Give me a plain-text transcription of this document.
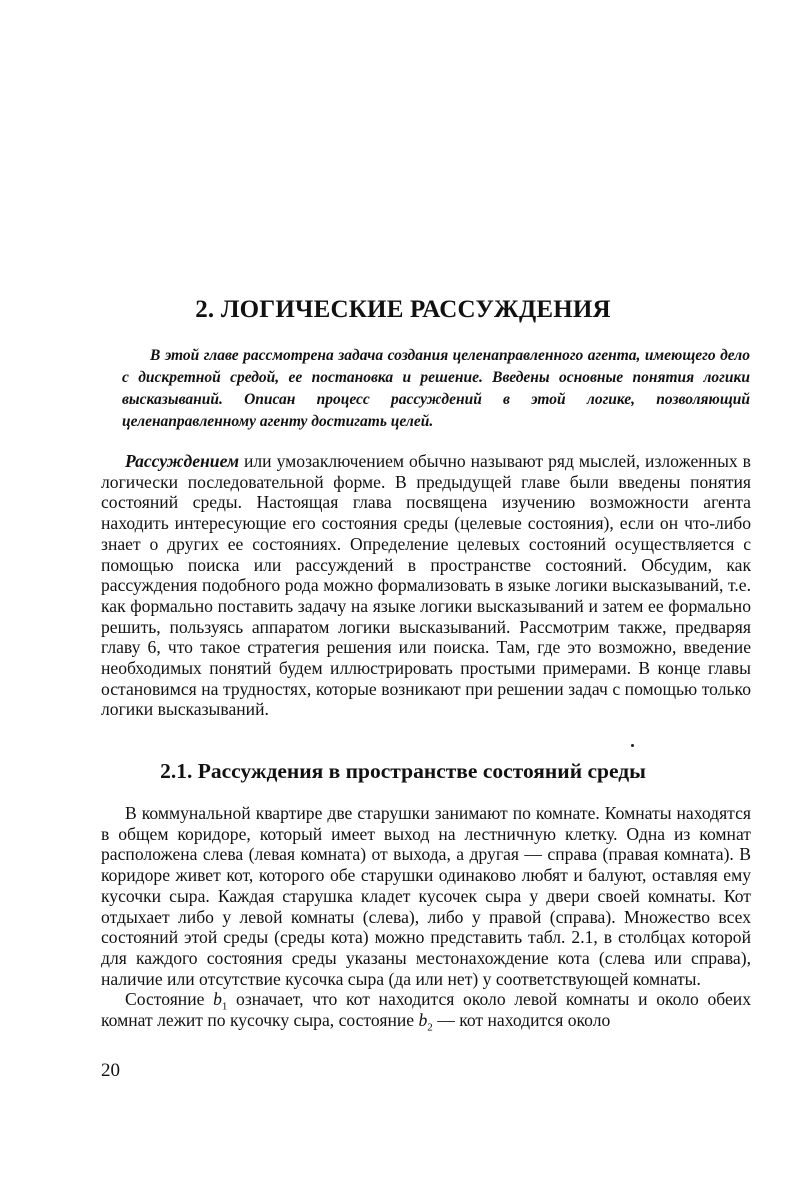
2. ЛОГИЧЕСКИЕ РАССУЖДЕНИЯ

В этой главе рассмотрена задача создания целенаправленного агента, имеющего дело с дискретной средой, ее постановка и решение. Введены основные понятия логики высказываний. Описан процесс рассуждений в этой логике, позволяющий целенаправленному агенту достигать целей.

Рассуждением или умозаключением обычно называют ряд мыслей, изложенных в логически последовательной форме. В предыдущей главе были введены понятия состояний среды. Настоящая глава посвящена изучению возможности агента находить интересующие его состояния среды (целевые состояния), если он что-либо знает о других ее состояниях. Определение целевых состояний осуществляется с помощью поиска или рассуждений в пространстве состояний. Обсудим, как рассуждения подобного рода можно формализовать в языке логики высказываний, т.е. как формально поставить задачу на языке логики высказываний и затем ее формально решить, пользуясь аппаратом логики высказываний. Рассмотрим также, предваряя главу 6, что такое стратегия решения или поиска. Там, где это возможно, введение необходимых понятий будем иллюстрировать простыми примерами. В конце главы остановимся на трудностях, которые возникают при решении задач с помощью только логики высказываний.

2.1. Рассуждения в пространстве состояний среды

В коммунальной квартире две старушки занимают по комнате. Комнаты находятся в общем коридоре, который имеет выход на лестничную клетку. Одна из комнат расположена слева (левая комната) от выхода, а другая — справа (правая комната). В коридоре живет кот, которого обе старушки одинаково любят и балуют, оставляя ему кусочки сыра. Каждая старушка кладет кусочек сыра у двери своей комнаты. Кот отдыхает либо у левой комнаты (слева), либо у правой (справа). Множество всех состояний этой среды (среды кота) можно представить табл. 2.1, в столбцах которой для каждого состояния среды указаны местонахождение кота (слева или справа), наличие или отсутствие кусочка сыра (да или нет) у соответствующей комнаты.

Состояние $b_1$ означает, что кот находится около левой комнаты и около обеих комнат лежит по кусочку сыра, состояние $b_2$ — кот находится около

20
